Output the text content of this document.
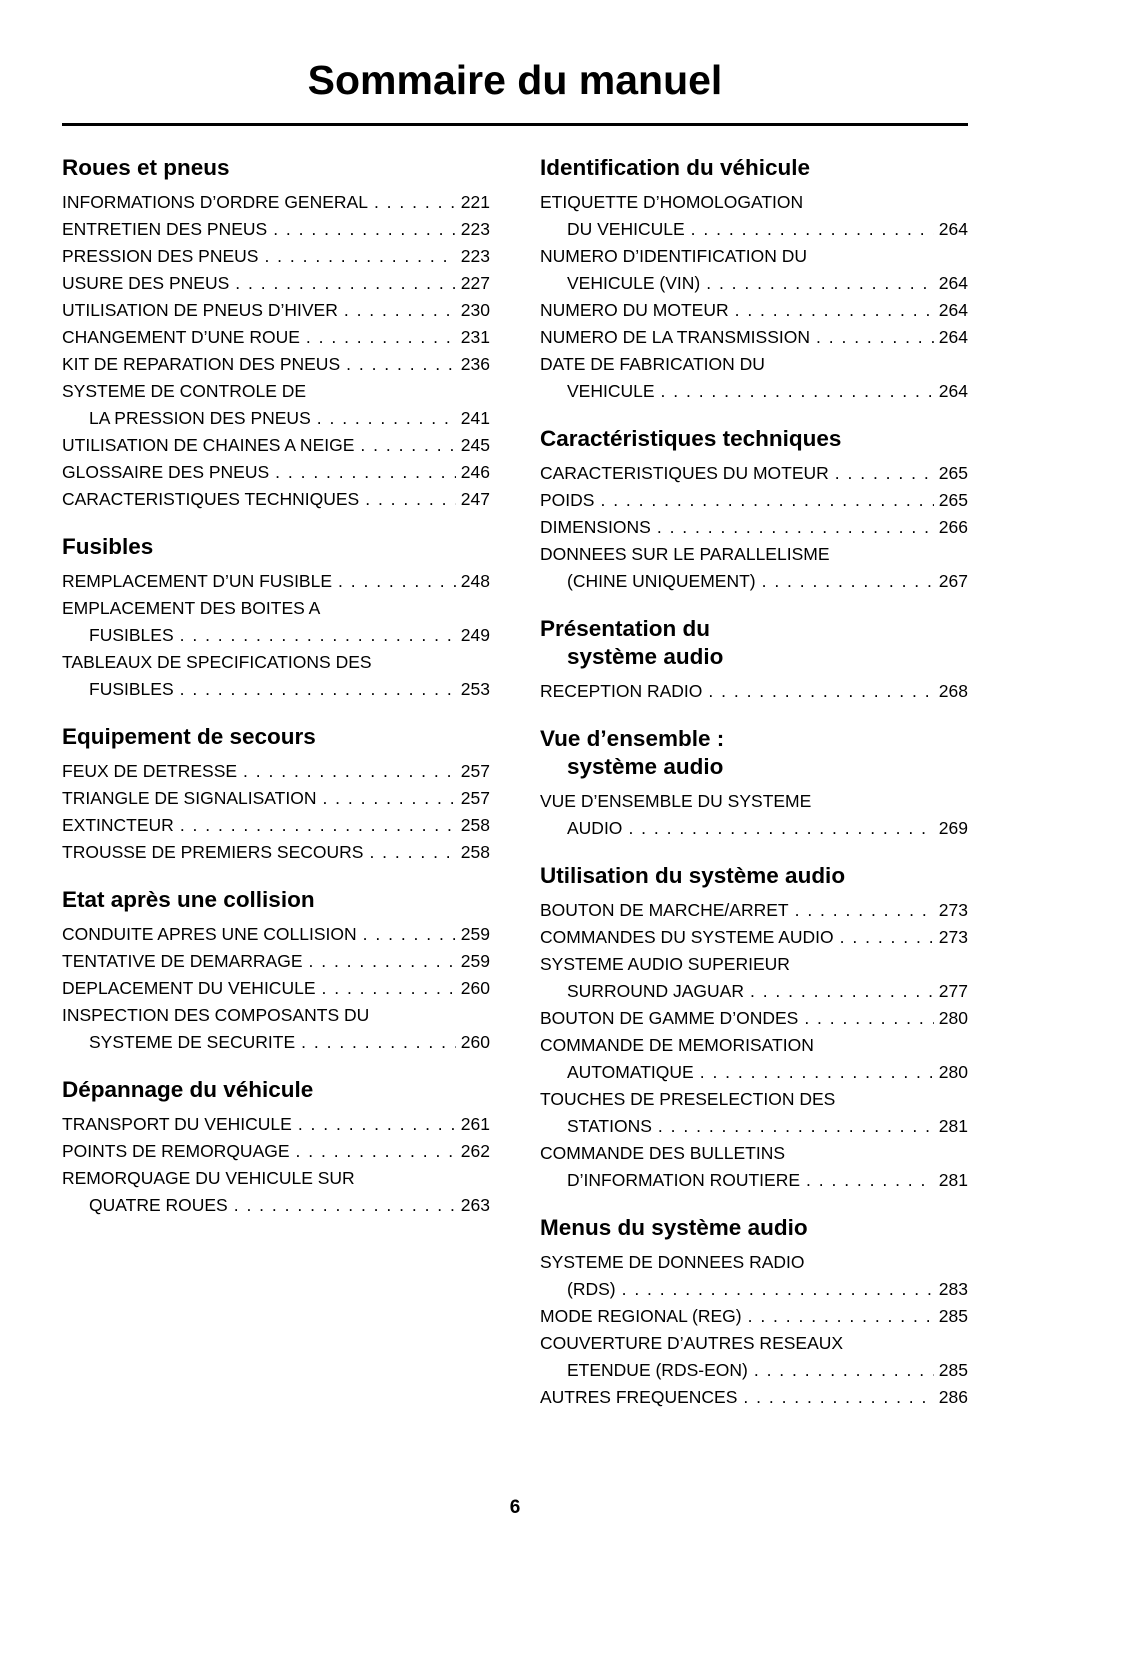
Sommaire du manuel
Roues et pneus
INFORMATIONS D’ORDRE GENERAL . . .	221
ENTRETIEN DES PNEUS . . .	223
PRESSION DES PNEUS . . .	223
USURE DES PNEUS . . .	227
UTILISATION DE PNEUS D’HIVER . . .	230
CHANGEMENT D’UNE ROUE . . .	231
KIT DE REPARATION DES PNEUS . . .	236
SYSTEME DE CONTROLE DE
LA PRESSION DES PNEUS . . .	241
UTILISATION DE CHAINES A NEIGE . . .	245
GLOSSAIRE DES PNEUS . . .	246
CARACTERISTIQUES TECHNIQUES . . .	247
Fusibles
REMPLACEMENT D’UN FUSIBLE . . .	248
EMPLACEMENT DES BOITES A
FUSIBLES . . .	249
TABLEAUX DE SPECIFICATIONS DES
FUSIBLES . . .	253
Equipement de secours
FEUX DE DETRESSE . . .	257
TRIANGLE DE SIGNALISATION . . .	257
EXTINCTEUR . . .	258
TROUSSE DE PREMIERS SECOURS . . .	258
Etat après une collision
CONDUITE APRES UNE COLLISION . . .	259
TENTATIVE DE DEMARRAGE . . .	259
DEPLACEMENT DU VEHICULE . . .	260
INSPECTION DES COMPOSANTS DU
SYSTEME DE SECURITE . . .	260
Dépannage du véhicule
TRANSPORT DU VEHICULE . . .	261
POINTS DE REMORQUAGE . . .	262
REMORQUAGE DU VEHICULE SUR
QUATRE ROUES . . .	263
Identification du véhicule
ETIQUETTE D’HOMOLOGATION
DU VEHICULE . . .	264
NUMERO D’IDENTIFICATION DU
VEHICULE (VIN) . . .	264
NUMERO DU MOTEUR . . .	264
NUMERO DE LA TRANSMISSION . . .	264
DATE DE FABRICATION DU
VEHICULE . . .	264
Caractéristiques techniques
CARACTERISTIQUES DU MOTEUR . . .	265
POIDS . . .	265
DIMENSIONS . . .	266
DONNEES SUR LE PARALLELISME
(CHINE UNIQUEMENT) . . .	267
Présentation du
système audio
RECEPTION RADIO . . .	268
Vue d’ensemble :
système audio
VUE D’ENSEMBLE DU SYSTEME
AUDIO . . .	269
Utilisation du système audio
BOUTON DE MARCHE/ARRET . . .	273
COMMANDES DU SYSTEME AUDIO . . .	273
SYSTEME AUDIO SUPERIEUR
SURROUND JAGUAR . . .	277
BOUTON DE GAMME D’ONDES . . .	280
COMMANDE DE MEMORISATION
AUTOMATIQUE . . .	280
TOUCHES DE PRESELECTION DES
STATIONS . . .	281
COMMANDE DES BULLETINS
D’INFORMATION ROUTIERE . . .	281
Menus du système audio
SYSTEME DE DONNEES RADIO
(RDS) . . .	283
MODE REGIONAL (REG) . . .	285
COUVERTURE D’AUTRES RESEAUX
ETENDUE (RDS-EON) . . .	285
AUTRES FREQUENCES . . .	286
6
